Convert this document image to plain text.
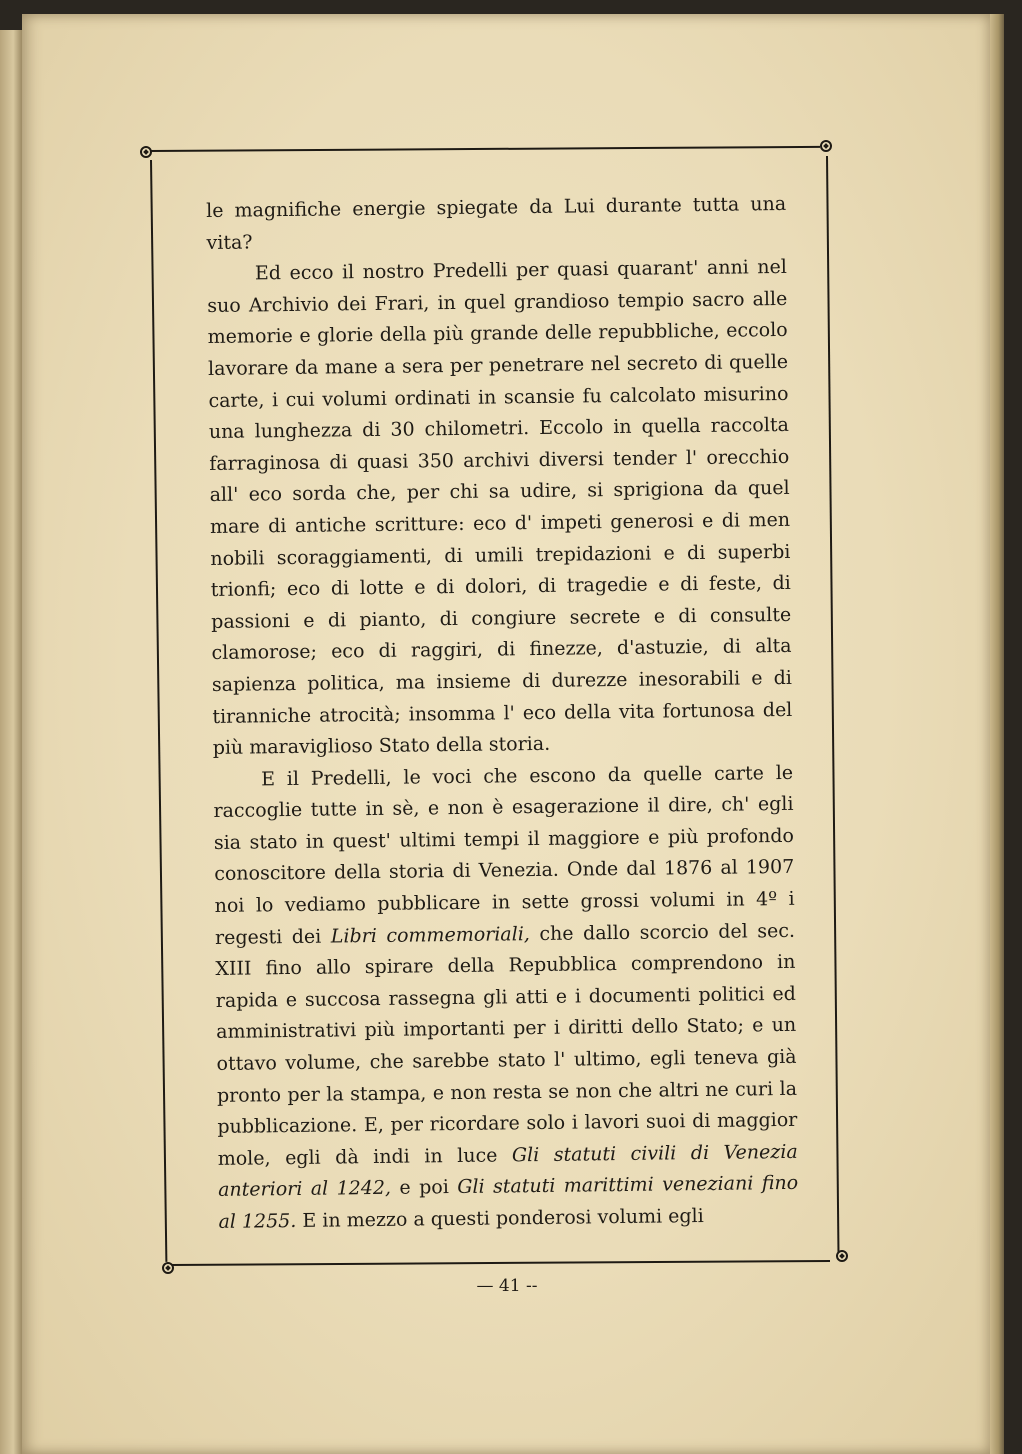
le magnifiche energie spiegate da Lui durante tutta una vita?

Ed ecco il nostro Predelli per quasi quarant' anni nel suo Archivio dei Frari, in quel grandioso tempio sacro alle memorie e glorie della più grande delle repubbliche, eccolo lavorare da mane a sera per penetrare nel secreto di quelle carte, i cui volumi ordinati in scansie fu calcolato misurino una lunghezza di 30 chilometri. Eccolo in quella raccolta farraginosa di quasi 350 archivi diversi tender l' orecchio all' eco sorda che, per chi sa udire, si sprigiona da quel mare di antiche scritture: eco d' impeti generosi e di men nobili scoraggiamenti, di umili trepidazioni e di superbi trionfi; eco di lotte e di dolori, di tragedie e di feste, di passioni e di pianto, di congiure secrete e di consulte clamorose; eco di raggiri, di finezze, d'astuzie, di alta sapienza politica, ma insieme di durezze inesorabili e di tiranniche atrocità; insomma l' eco della vita fortunosa del più maraviglioso Stato della storia.

E il Predelli, le voci che escono da quelle carte le raccoglie tutte in sè, e non è esagerazione il dire, ch' egli sia stato in quest' ultimi tempi il maggiore e più profondo conoscitore della storia di Venezia. Onde dal 1876 al 1907 noi lo vediamo pubblicare in sette grossi volumi in 4º i regesti dei Libri commemoriali, che dallo scorcio del sec. XIII fino allo spirare della Repubblica comprendono in rapida e succosa rassegna gli atti e i documenti politici ed amministrativi più importanti per i diritti dello Stato; e un ottavo volume, che sarebbe stato l' ultimo, egli teneva già pronto per la stampa, e non resta se non che altri ne curi la pubblicazione. E, per ricordare solo i lavori suoi di maggior mole, egli dà indi in luce Gli statuti civili di Venezia anteriori al 1242, e poi Gli statuti marittimi veneziani fino al 1255. E in mezzo a questi ponderosi volumi egli

— 41 --
